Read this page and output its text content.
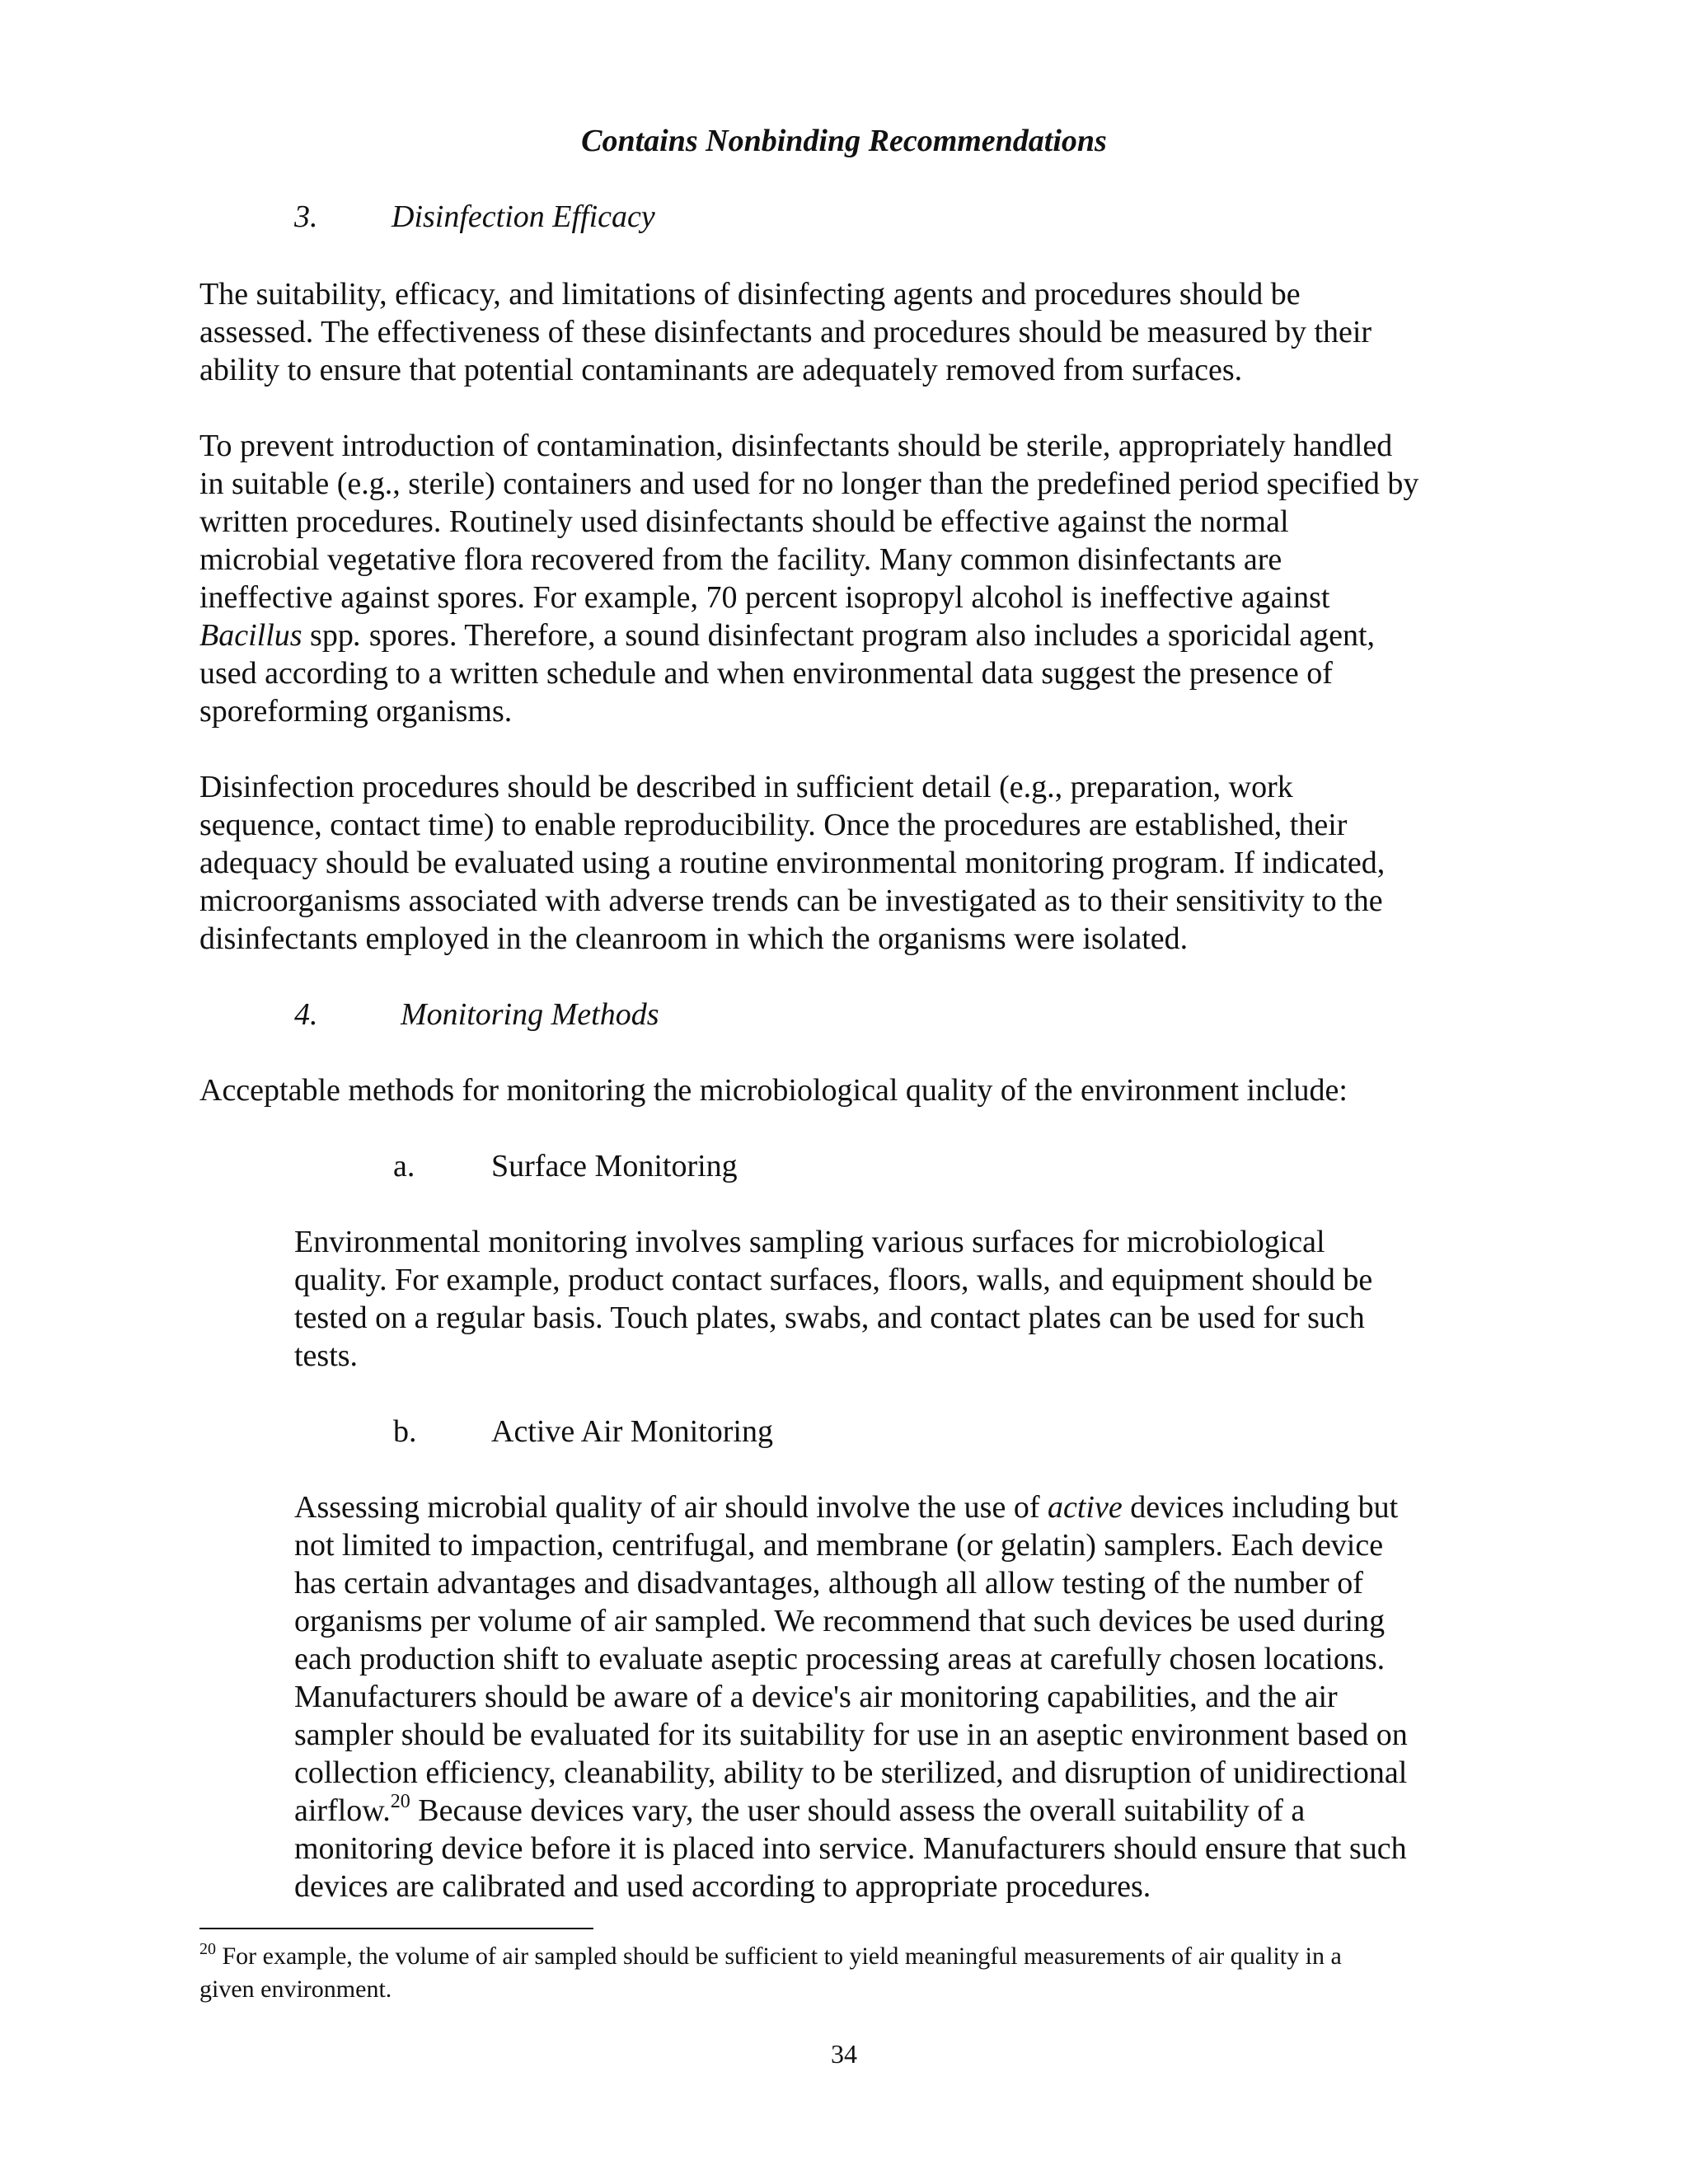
Contains Nonbinding Recommendations
3. Disinfection Efficacy
The suitability, efficacy, and limitations of disinfecting agents and procedures should be
assessed. The effectiveness of these disinfectants and procedures should be measured by their
ability to ensure that potential contaminants are adequately removed from surfaces.
To prevent introduction of contamination, disinfectants should be sterile, appropriately handled
in suitable (e.g., sterile) containers and used for no longer than the predefined period specified by
written procedures. Routinely used disinfectants should be effective against the normal
microbial vegetative flora recovered from the facility. Many common disinfectants are
ineffective against spores. For example, 70 percent isopropyl alcohol is ineffective against
Bacillus spp. spores. Therefore, a sound disinfectant program also includes a sporicidal agent,
used according to a written schedule and when environmental data suggest the presence of
sporeforming organisms.
Disinfection procedures should be described in sufficient detail (e.g., preparation, work
sequence, contact time) to enable reproducibility. Once the procedures are established, their
adequacy should be evaluated using a routine environmental monitoring program. If indicated,
microorganisms associated with adverse trends can be investigated as to their sensitivity to the
disinfectants employed in the cleanroom in which the organisms were isolated.
4.	Monitoring Methods
Acceptable methods for monitoring the microbiological quality of the environment include:
a. Surface Monitoring
Environmental monitoring involves sampling various surfaces for microbiological
quality. For example, product contact surfaces, floors, walls, and equipment should be
tested on a regular basis. Touch plates, swabs, and contact plates can be used for such
tests.
b. Active Air Monitoring
Assessing microbial quality of air should involve the use of active devices including but
not limited to impaction, centrifugal, and membrane (or gelatin) samplers. Each device
has certain advantages and disadvantages, although all allow testing of the number of
organisms per volume of air sampled. We recommend that such devices be used during
each production shift to evaluate aseptic processing areas at carefully chosen locations.
Manufacturers should be aware of a device's air monitoring capabilities, and the air
sampler should be evaluated for its suitability for use in an aseptic environment based on
collection efficiency, cleanability, ability to be sterilized, and disruption of unidirectional
airflow.$^{20}$ Because devices vary, the user should assess the overall suitability of a
monitoring device before it is placed into service. Manufacturers should ensure that such
devices are calibrated and used according to appropriate procedures.
$^{20}$ For example, the volume of air sampled should be sufficient to yield meaningful measurements of air quality in a
given environment.
34
